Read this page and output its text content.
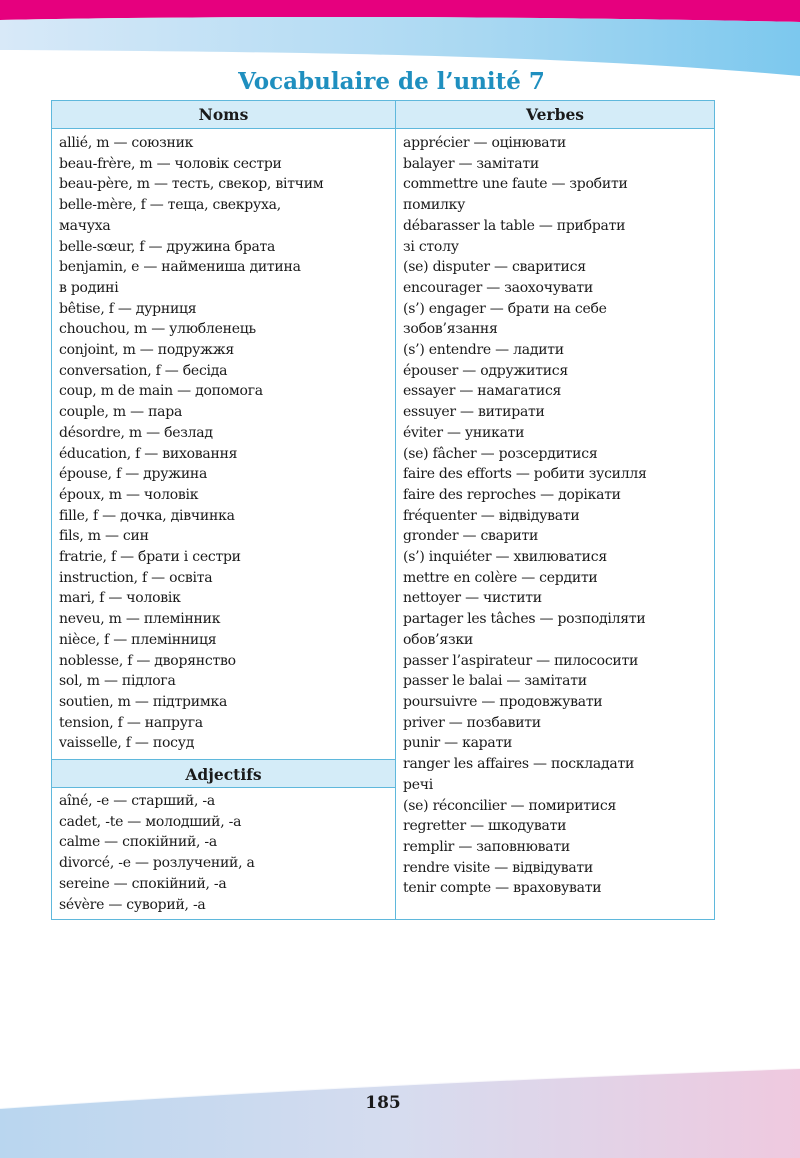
Vocabulaire de l’unité 7
Noms	Verbes
Adjectifs
allié, m — союзник
beau-frère, m — чоловік сестри
beau-père, m — тесть, свекор, вітчим
belle-mère, f — теща, свекруха,
мачуха
belle-sœur, f — дружина брата
benjamin, e — наймениша дитина
в родині
bêtise, f — дурниця
chouchou, m — улюбленець
conjoint, m — подружжя
conversation, f — бесіда
coup, m de main — допомога
couple, m — пара
désordre, m — безлад
éducation, f — виховання
épouse, f — дружина
époux, m — чоловік
fille, f — дочка, дівчинка
fils, m — син
fratrie, f — брати і сестри
instruction, f — освіта
mari, f — чоловік
neveu, m — племінник
nièce, f — племінниця
noblesse, f — дворянство
sol, m — підлога
soutien, m — підтримка
tension, f — напруга
vaisselle, f — посуд
aîné, -e — старший, -а
cadet, -te — молодший, -а
calme — спокійний, -а
divorcé, -e — розлучений, а
sereine — спокійний, -а
sévère — суворий, -а
apprécier — оцінювати
balayer — замітати
commettre une faute — зробити
помилку
débarasser la table — прибрати
зі столу
(se) disputer — сваритися
encourager — заохочувати
(s’) engager — брати на себе
зобов’язання
(s’) entendre — ладити
épouser — одружитися
essayer — намагатися
essuyer — витирати
éviter — уникати
(se) fâcher — розсердитися
faire des efforts — робити зусилля
faire des reproches — дорікати
fréquenter — відвідувати
gronder — сварити
(s’) inquiéter — хвилюватися
mettre en colère — сердити
nettoyer — чистити
partager les tâches — розподіляти
обов’язки
passer l’aspirateur — пилососити
passer le balai — замітати
poursuivre — продовжувати
priver — позбавити
punir — карати
ranger les affaires — поскладати
речі
(se) réconcilier — помиритися
regretter — шкодувати
remplir — заповнювати
rendre visite — відвідувати
tenir compte — враховувати
185
